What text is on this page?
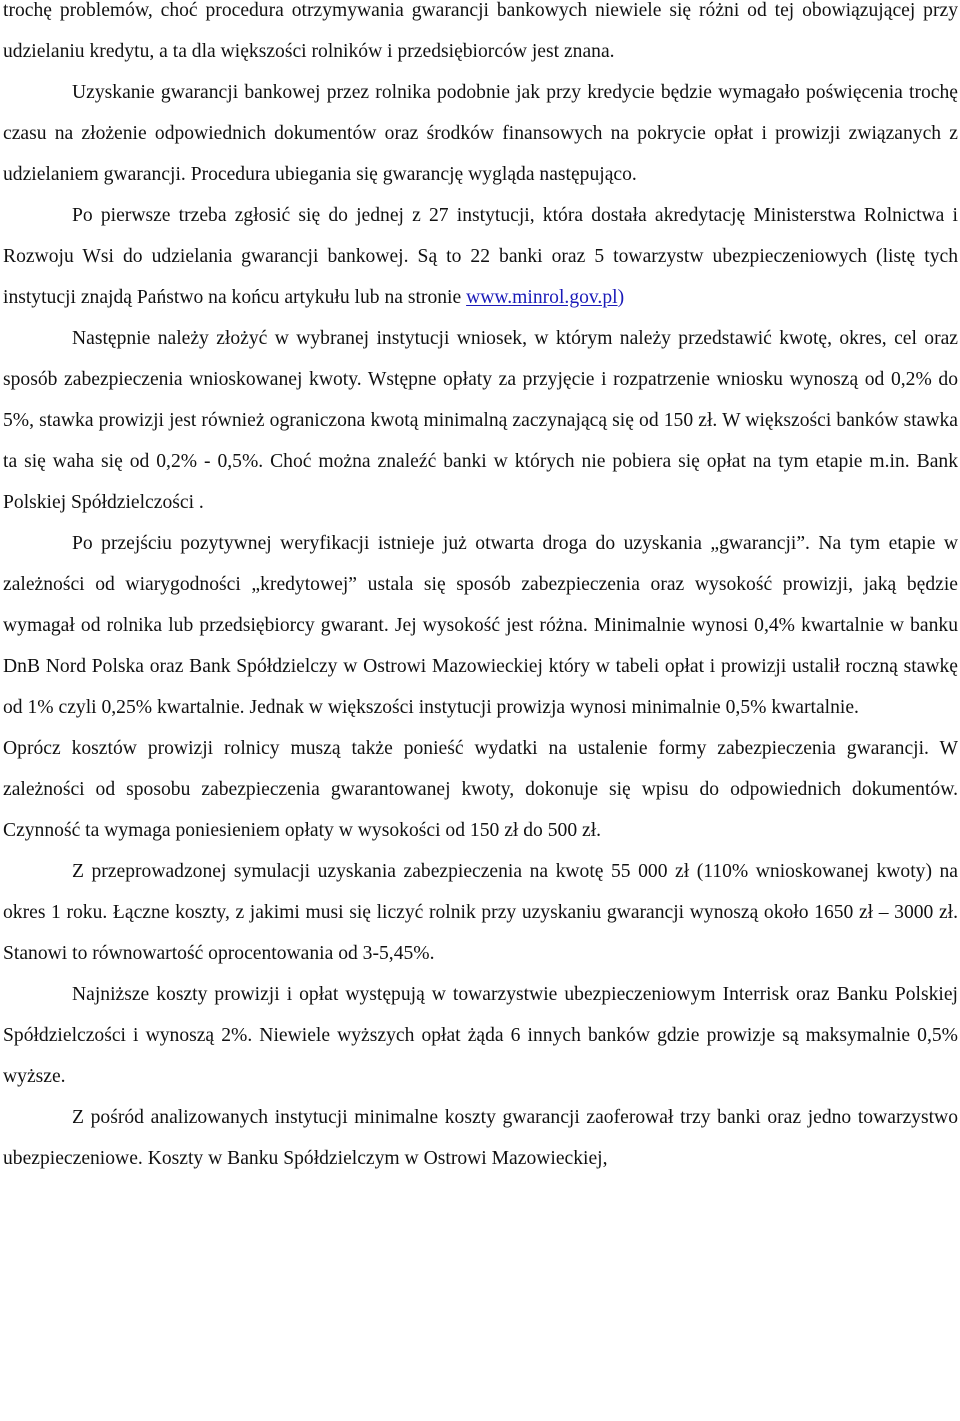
trochę problemów, choć procedura otrzymywania gwarancji bankowych niewiele się różni od tej obowiązującej przy udzielaniu kredytu, a ta dla większości rolników i przedsiębiorców jest znana.

Uzyskanie gwarancji bankowej przez rolnika podobnie jak przy kredycie będzie wymagało poświęcenia trochę czasu na złożenie odpowiednich dokumentów oraz środków finansowych na pokrycie opłat i prowizji związanych z udzielaniem gwarancji. Procedura ubiegania się gwarancję wygląda następująco.

Po pierwsze trzeba zgłosić się do jednej z 27 instytucji, która dostała akredytację Ministerstwa Rolnictwa i Rozwoju Wsi do udzielania gwarancji bankowej. Są to 22 banki oraz 5 towarzystw ubezpieczeniowych (listę tych instytucji znajdą Państwo na końcu artykułu lub na stronie www.minrol.gov.pl)

Następnie należy złożyć w wybranej instytucji wniosek, w którym należy przedstawić kwotę, okres, cel oraz sposób zabezpieczenia wnioskowanej kwoty. Wstępne opłaty za przyjęcie i rozpatrzenie wniosku wynoszą od 0,2% do 5%, stawka prowizji jest również ograniczona kwotą minimalną zaczynającą się od 150 zł. W większości banków stawka ta się waha się od 0,2% - 0,5%. Choć można znaleźć banki w których nie pobiera się opłat na tym etapie m.in. Bank Polskiej Spółdzielczości .

Po przejściu pozytywnej weryfikacji istnieje już otwarta droga do uzyskania „gwarancji”. Na tym etapie w zależności od wiarygodności „kredytowej” ustala się sposób zabezpieczenia oraz wysokość prowizji, jaką będzie wymagał od rolnika lub przedsiębiorcy gwarant. Jej wysokość jest różna. Minimalnie wynosi 0,4% kwartalnie w banku DnB Nord Polska oraz Bank Spółdzielczy w Ostrowi Mazowieckiej który w tabeli opłat i prowizji ustalił roczną stawkę od 1% czyli 0,25% kwartalnie. Jednak w większości instytucji prowizja wynosi minimalnie 0,5% kwartalnie.

Oprócz kosztów prowizji rolnicy muszą także ponieść wydatki na ustalenie formy zabezpieczenia gwarancji. W zależności od sposobu zabezpieczenia gwarantowanej kwoty, dokonuje się wpisu do odpowiednich dokumentów. Czynność ta wymaga poniesieniem opłaty w wysokości od 150 zł do 500 zł.

Z przeprowadzonej symulacji uzyskania zabezpieczenia na kwotę 55 000 zł (110% wnioskowanej kwoty) na okres 1 roku. Łączne koszty, z jakimi musi się liczyć rolnik przy uzyskaniu gwarancji wynoszą około 1650 zł – 3000 zł. Stanowi to równowartość oprocentowania od 3-5,45%.

Najniższe koszty prowizji i opłat występują w towarzystwie ubezpieczeniowym Interrisk oraz Banku Polskiej Spółdzielczości i wynoszą 2%. Niewiele wyższych opłat żąda 6 innych banków gdzie prowizje są maksymalnie 0,5% wyższe.

Z pośród analizowanych instytucji minimalne koszty gwarancji zaoferował trzy banki oraz jedno towarzystwo ubezpieczeniowe. Koszty w Banku Spółdzielczym w Ostrowi Mazowieckiej,
